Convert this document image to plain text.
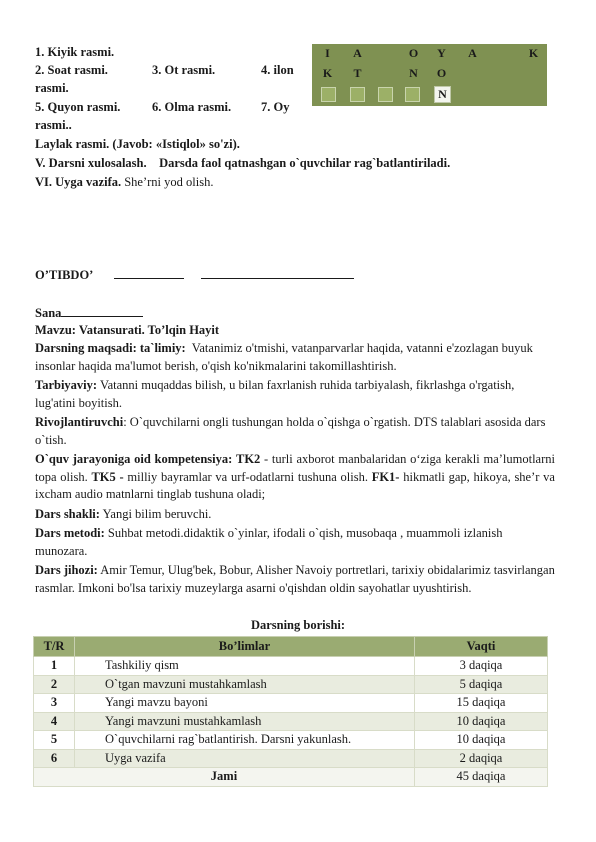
1. Kiyik rasmi.
2. Soat rasmi.	3. Ot rasmi.	4. ilon
rasmi.
5. Quyon rasmi.	6. Olma rasmi. 7. Oy
rasmi..
Laylak rasmi. (Javob: «Istiqlol» so'zi).
I	A	O	Y	A	K
K	T	N	O
N
V. Darsni xulosalash. Darsda faol qatnashgan o`quvchilar rag`batlantiriladi.
VI. Uyga vazifa. She’rni yod olish.
O’TIBDO’
Sana
Mavzu: Vatansurati. To’lqin Hayit
Darsning maqsadi: ta`limiy: Vatanimiz o'tmishi, vatanparvarlar haqida, vatanni e'zozlagan buyuk insonlar haqida ma'lumot berish, o'qish ko'nikmalarini takomillashtirish.
Tarbiyaviy: Vatanni muqaddas bilish, u bilan faxrlanish ruhida tarbiyalash, fikrlashga o'rgatish, lug'atini boyitish.
Rivojlantiruvchi: O`quvchilarni ongli tushungan holda o`qishga o`rgatish. DTS talablari asosida dars o`tish.
O`quv jarayoniga oid kompetensiya: TK2 - turli axborot manbalaridan o‘ziga kerakli ma’lumotlarni topa olish. TK5 - milliy bayramlar va urf-odatlarni tushuna olish. FK1- hikmatli gap, hikoya, she’r va ixcham audio matnlarni tinglab tushuna oladi;
Dars shakli: Yangi bilim beruvchi.
Dars metodi: Suhbat metodi.didaktik o`yinlar, ifodali o`qish, musobaqa , muammoli izlanish munozara.
Dars jihozi: Amir Temur, Ulug'bek, Bobur, Alisher Navoiy portretlari, tarixiy obidalarimiz tasvirlangan rasmlar. Imkoni bo'lsa tarixiy muzeylarga asarni o'qishdan oldin sayohatlar uyushtirish.
Darsning borishi:
T/R	Bo’limlar	Vaqti
1	Tashkiliy qism	3 daqiqa
2	O`tgan mavzuni mustahkamlash	5 daqiqa
3	Yangi mavzu bayoni	15 daqiqa
4	Yangi mavzuni mustahkamlash	10 daqiqa
5	O`quvchilarni rag`batlantirish. Darsni yakunlash.	10 daqiqa
6	Uyga vazifa	2 daqiqa
Jami		45 daqiqa
